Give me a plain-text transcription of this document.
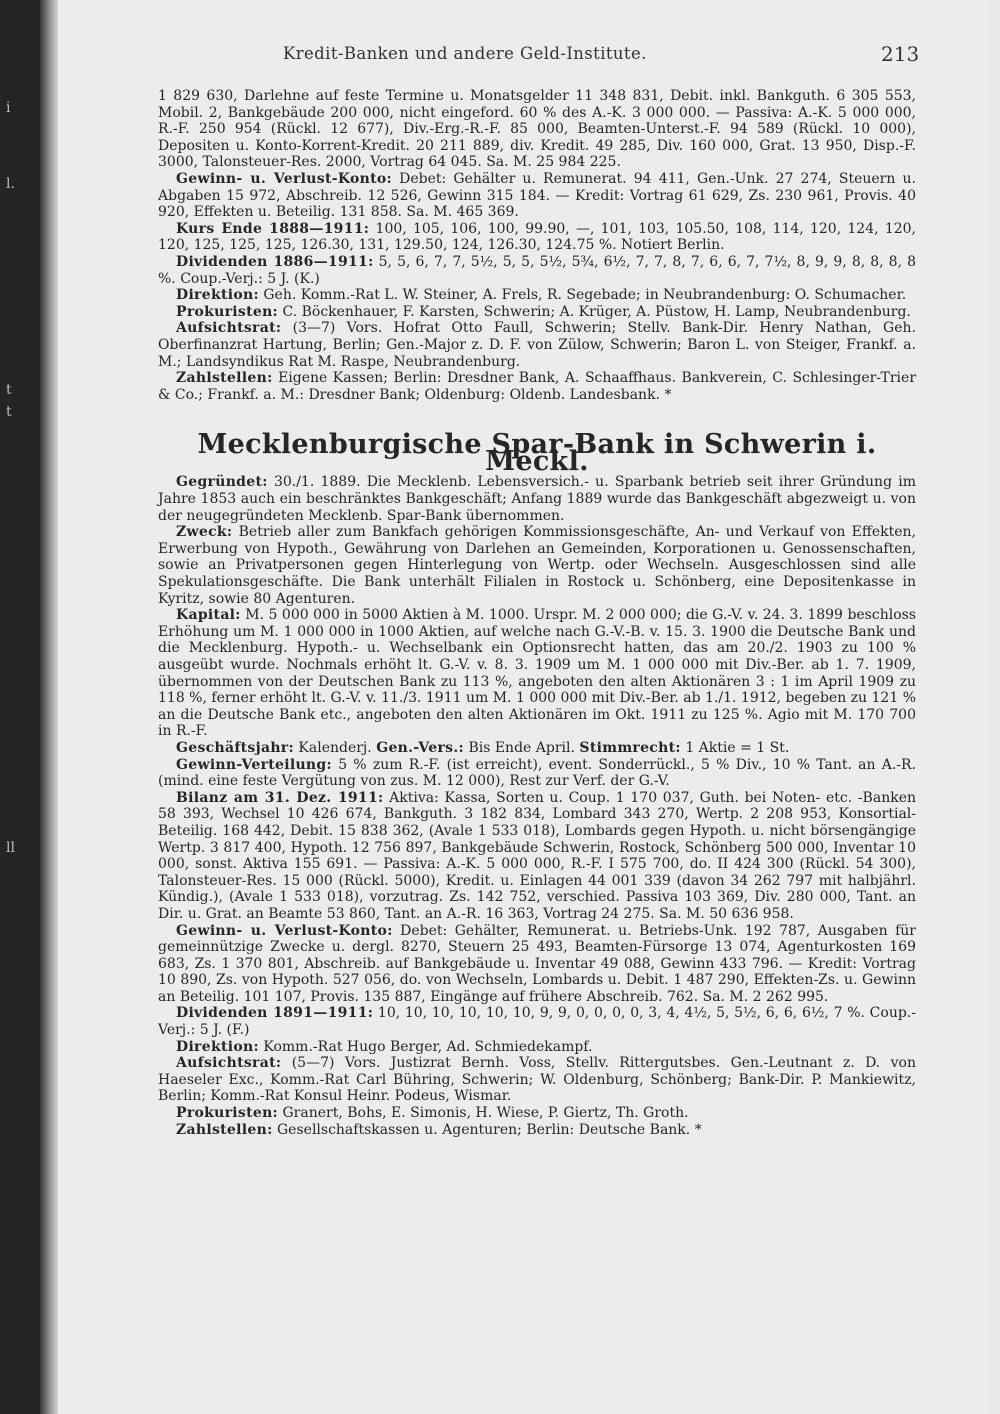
i
l.
t
t
ll
Kredit-Banken und andere Geld-Institute.	213

1 829 630, Darlehne auf feste Termine u. Monatsgelder 11 348 831, Debit. inkl. Bankguth. 6 305 553, Mobil. 2, Bankgebäude 200 000, nicht eingeford. 60 % des A.-K. 3 000 000. — Passiva: A.-K. 5 000 000, R.-F. 250 954 (Rückl. 12 677), Div.-Erg.-R.-F. 85 000, Beamten-Unterst.-F. 94 589 (Rückl. 10 000), Depositen u. Konto-Korrent-Kredit. 20 211 889, div. Kredit. 49 285, Div. 160 000, Grat. 13 950, Disp.-F. 3000, Talonsteuer-Res. 2000, Vortrag 64 045. Sa. M. 25 984 225.

Gewinn- u. Verlust-Konto: Debet: Gehälter u. Remunerat. 94 411, Gen.-Unk. 27 274, Steuern u. Abgaben 15 972, Abschreib. 12 526, Gewinn 315 184. — Kredit: Vortrag 61 629, Zs. 230 961, Provis. 40 920, Effekten u. Beteilig. 131 858. Sa. M. 465 369.

Kurs Ende 1888—1911: 100, 105, 106, 100, 99.90, —, 101, 103, 105.50, 108, 114, 120, 124, 120, 120, 125, 125, 125, 126.30, 131, 129.50, 124, 126.30, 124.75 %. Notiert Berlin.

Dividenden 1886—1911: 5, 5, 6, 7, 7, 5½, 5, 5, 5½, 5¾, 6½, 7, 7, 8, 7, 6, 6, 7, 7½, 8, 9, 9, 8, 8, 8, 8 %. Coup.-Verj.: 5 J. (K.)

Direktion: Geh. Komm.-Rat L. W. Steiner, A. Frels, R. Segebade; in Neubrandenburg: O. Schumacher.

Prokuristen: C. Böckenhauer, F. Karsten, Schwerin; A. Krüger, A. Püstow, H. Lamp, Neubrandenburg.

Aufsichtsrat: (3—7) Vors. Hofrat Otto Faull, Schwerin; Stellv. Bank-Dir. Henry Nathan, Geh. Oberfinanzrat Hartung, Berlin; Gen.-Major z. D. F. von Zülow, Schwerin; Baron L. von Steiger, Frankf. a. M.; Landsyndikus Rat M. Raspe, Neubrandenburg.

Zahlstellen: Eigene Kassen; Berlin: Dresdner Bank, A. Schaaffhaus. Bankverein, C. Schlesinger-Trier & Co.; Frankf. a. M.: Dresdner Bank; Oldenburg: Oldenb. Landesbank. *

Mecklenburgische Spar-Bank in Schwerin i. Meckl.

Gegründet: 30./1. 1889. Die Mecklenb. Lebensversich.- u. Sparbank betrieb seit ihrer Gründung im Jahre 1853 auch ein beschränktes Bankgeschäft; Anfang 1889 wurde das Bankgeschäft abgezweigt u. von der neugegründeten Mecklenb. Spar-Bank übernommen.

Zweck: Betrieb aller zum Bankfach gehörigen Kommissionsgeschäfte, An- und Verkauf von Effekten, Erwerbung von Hypoth., Gewährung von Darlehen an Gemeinden, Korporationen u. Genossenschaften, sowie an Privatpersonen gegen Hinterlegung von Wertp. oder Wechseln. Ausgeschlossen sind alle Spekulationsgeschäfte. Die Bank unterhält Filialen in Rostock u. Schönberg, eine Depositenkasse in Kyritz, sowie 80 Agenturen.

Kapital: M. 5 000 000 in 5000 Aktien à M. 1000. Urspr. M. 2 000 000; die G.-V. v. 24. 3. 1899 beschloss Erhöhung um M. 1 000 000 in 1000 Aktien, auf welche nach G.-V.-B. v. 15. 3. 1900 die Deutsche Bank und die Mecklenburg. Hypoth.- u. Wechselbank ein Optionsrecht hatten, das am 20./2. 1903 zu 100 % ausgeübt wurde. Nochmals erhöht lt. G.-V. v. 8. 3. 1909 um M. 1 000 000 mit Div.-Ber. ab 1. 7. 1909, übernommen von der Deutschen Bank zu 113 %, angeboten den alten Aktionären 3 : 1 im April 1909 zu 118 %, ferner erhöht lt. G.-V. v. 11./3. 1911 um M. 1 000 000 mit Div.-Ber. ab 1./1. 1912, begeben zu 121 % an die Deutsche Bank etc., angeboten den alten Aktionären im Okt. 1911 zu 125 %. Agio mit M. 170 700 in R.-F.

Geschäftsjahr: Kalenderj. Gen.-Vers.: Bis Ende April. Stimmrecht: 1 Aktie = 1 St.

Gewinn-Verteilung: 5 % zum R.-F. (ist erreicht), event. Sonderrückl., 5 % Div., 10 % Tant. an A.-R. (mind. eine feste Vergütung von zus. M. 12 000), Rest zur Verf. der G.-V.

Bilanz am 31. Dez. 1911: Aktiva: Kassa, Sorten u. Coup. 1 170 037, Guth. bei Noten- etc. -Banken 58 393, Wechsel 10 426 674, Bankguth. 3 182 834, Lombard 343 270, Wertp. 2 208 953, Konsortial-Beteilig. 168 442, Debit. 15 838 362, (Avale 1 533 018), Lombards gegen Hypoth. u. nicht börsengängige Wertp. 3 817 400, Hypoth. 12 756 897, Bankgebäude Schwerin, Rostock, Schönberg 500 000, Inventar 10 000, sonst. Aktiva 155 691. — Passiva: A.-K. 5 000 000, R.-F. I 575 700, do. II 424 300 (Rückl. 54 300), Talonsteuer-Res. 15 000 (Rückl. 5000), Kredit. u. Einlagen 44 001 339 (davon 34 262 797 mit halbjährl. Kündig.), (Avale 1 533 018), vorzutrag. Zs. 142 752, verschied. Passiva 103 369, Div. 280 000, Tant. an Dir. u. Grat. an Beamte 53 860, Tant. an A.-R. 16 363, Vortrag 24 275. Sa. M. 50 636 958.

Gewinn- u. Verlust-Konto: Debet: Gehälter, Remunerat. u. Betriebs-Unk. 192 787, Ausgaben für gemeinnützige Zwecke u. dergl. 8270, Steuern 25 493, Beamten-Fürsorge 13 074, Agenturkosten 169 683, Zs. 1 370 801, Abschreib. auf Bankgebäude u. Inventar 49 088, Gewinn 433 796. — Kredit: Vortrag 10 890, Zs. von Hypoth. 527 056, do. von Wechseln, Lombards u. Debit. 1 487 290, Effekten-Zs. u. Gewinn an Beteilig. 101 107, Provis. 135 887, Eingänge auf frühere Abschreib. 762. Sa. M. 2 262 995.

Dividenden 1891—1911: 10, 10, 10, 10, 10, 10, 9, 9, 0, 0, 0, 0, 3, 4, 4½, 5, 5½, 6, 6, 6½, 7 %. Coup.-Verj.: 5 J. (F.)

Direktion: Komm.-Rat Hugo Berger, Ad. Schmiedekampf.

Aufsichtsrat: (5—7) Vors. Justizrat Bernh. Voss, Stellv. Rittergutsbes. Gen.-Leutnant z. D. von Haeseler Exc., Komm.-Rat Carl Bühring, Schwerin; W. Oldenburg, Schönberg; Bank-Dir. P. Mankiewitz, Berlin; Komm.-Rat Konsul Heinr. Podeus, Wismar.

Prokuristen: Granert, Bohs, E. Simonis, H. Wiese, P. Giertz, Th. Groth.

Zahlstellen: Gesellschaftskassen u. Agenturen; Berlin: Deutsche Bank. *
